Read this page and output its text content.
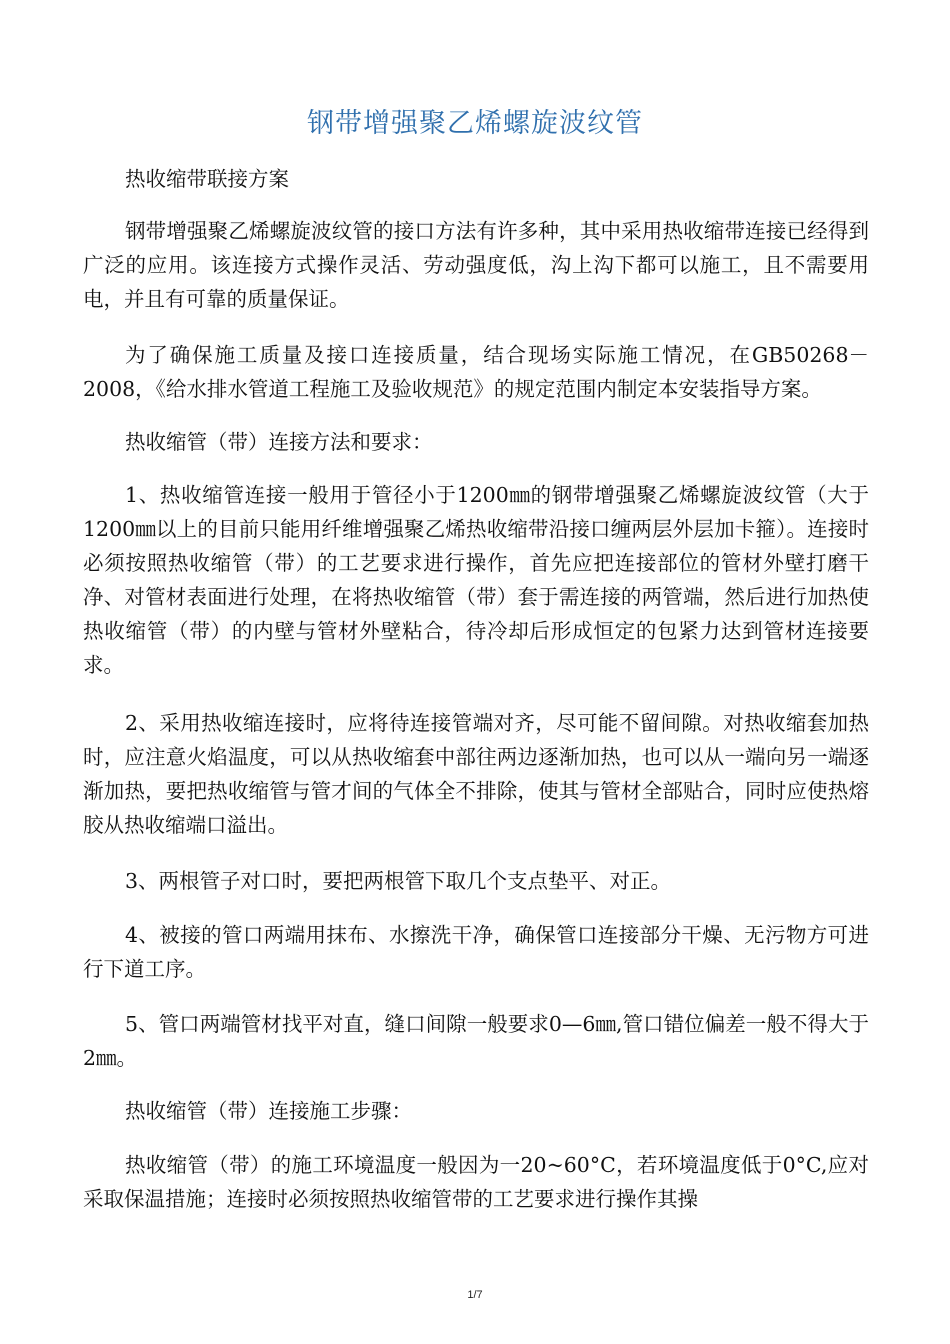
钢带增强聚乙烯螺旋波纹管

热收缩带联接方案

钢带增强聚乙烯螺旋波纹管的接口方法有许多种，其中采用热收缩带连接已经得到广泛的应用。该连接方式操作灵活、劳动强度低，沟上沟下都可以施工，且不需要用电，并且有可靠的质量保证。

为了确保施工质量及接口连接质量，结合现场实际施工情况，在GB50268－2008，《给水排水管道工程施工及验收规范》的规定范围内制定本安装指导方案。

热收缩管（带）连接方法和要求：

1、热收缩管连接一般用于管径小于1200㎜的钢带增强聚乙烯螺旋波纹管（大于1200㎜以上的目前只能用纤维增强聚乙烯热收缩带沿接口缠两层外层加卡箍）。连接时必须按照热收缩管（带）的工艺要求进行操作，首先应把连接部位的管材外壁打磨干净、对管材表面进行处理，在将热收缩管（带）套于需连接的两管端，然后进行加热使热收缩管（带）的内壁与管材外壁粘合，待冷却后形成恒定的包紧力达到管材连接要求。

2、采用热收缩连接时，应将待连接管端对齐，尽可能不留间隙。对热收缩套加热时，应注意火焰温度，可以从热收缩套中部往两边逐渐加热，也可以从一端向另一端逐渐加热，要把热收缩管与管才间的气体全不排除，使其与管材全部贴合，同时应使热熔胶从热收缩端口溢出。

3、两根管子对口时，要把两根管下取几个支点垫平、对正。

4、被接的管口两端用抹布、水擦洗干净，确保管口连接部分干燥、无污物方可进行下道工序。

5、管口两端管材找平对直，缝口间隙一般要求0—6㎜,管口错位偏差一般不得大于2㎜。

热收缩管（带）连接施工步骤：

热收缩管（带）的施工环境温度一般因为一20~60°C，若环境温度低于0°C,应对采取保温措施；连接时必须按照热收缩管带的工艺要求进行操作其操

1/7
